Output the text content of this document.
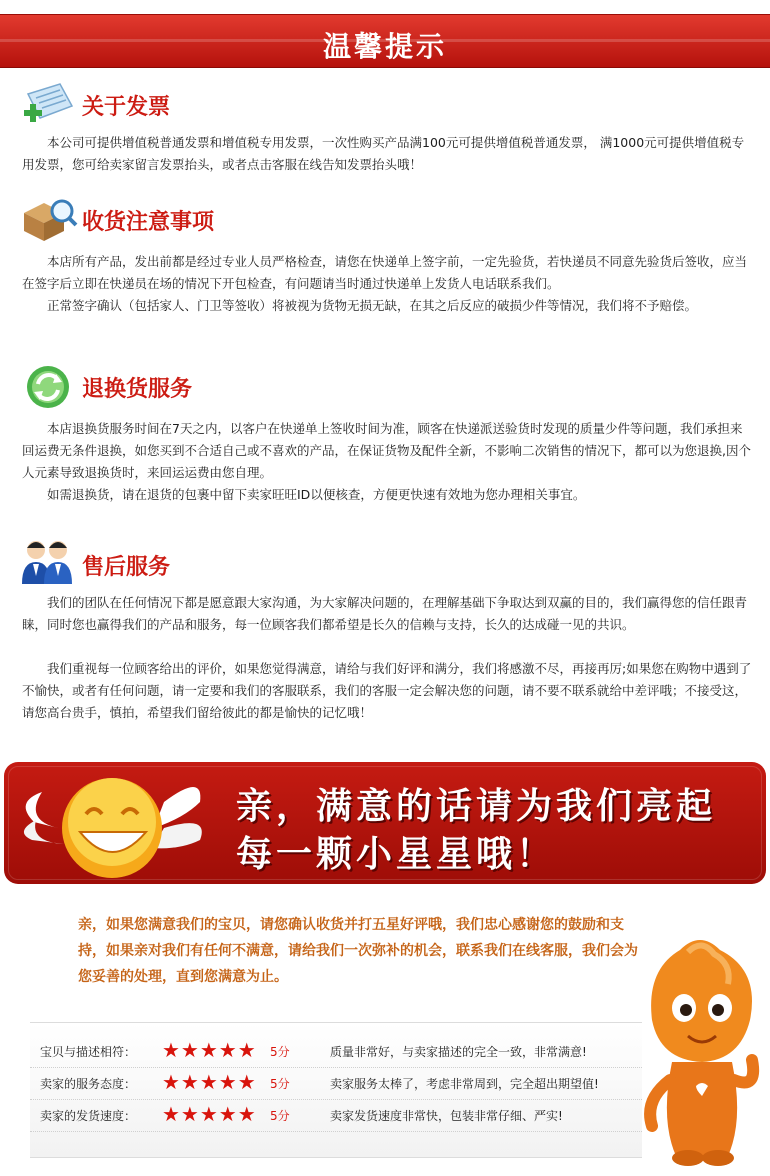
温馨提示
关于发票

本公司可提供增值税普通发票和增值税专用发票，一次性购买产品满100元可提供增值税普通发票， 满1000元可提供增值税专用发票，您可给卖家留言发票抬头，或者点击客服在线告知发票抬头哦！

收货注意事项

本店所有产品，发出前都是经过专业人员严格检查，请您在快递单上签字前，一定先验货，若快递员不同意先验货后签收，应当在签字后立即在快递员在场的情况下开包检查，有问题请当时通过快递单上发货人电话联系我们。

正常签字确认（包括家人、门卫等签收）将被视为货物无损无缺，在其之后反应的破损少件等情况，我们将不予赔偿。

退换货服务

本店退换货服务时间在7天之内，以客户在快递单上签收时间为准，顾客在快递派送验货时发现的质量少件等问题，我们承担来回运费无条件退换，如您买到不合适自己或不喜欢的产品，在保证货物及配件全新，不影响二次销售的情况下，都可以为您退换,因个人元素导致退换货时，来回运运费由您自理。

如需退换货，请在退货的包裹中留下卖家旺旺ID以便核查，方便更快速有效地为您办理相关事宜。

售后服务

我们的团队在任何情况下都是愿意跟大家沟通，为大家解决问题的，在理解基础下争取达到双赢的目的，我们赢得您的信任跟青睐，同时您也赢得我们的产品和服务，每一位顾客我们都希望是长久的信赖与支持，长久的达成碰一见的共识。

我们重视每一位顾客给出的评价，如果您觉得满意，请给与我们好评和满分，我们将感激不尽，再接再厉;如果您在购物中遇到了不愉快，或者有任何问题，请一定要和我们的客服联系，我们的客服一定会解决您的问题，请不要不联系就给中差评哦；不接受这，请您高台贵手，慎拍，希望我们留给彼此的都是愉快的记忆哦！

亲，满意的话请为我们亮起
每一颗小星星哦！

亲，如果您满意我们的宝贝，请您确认收货并打五星好评哦，我们忠心感谢您的鼓励和支持，如果亲对我们有任何不满意，请给我们一次弥补的机会，联系我们在线客服，我们会为您妥善的处理，直到您满意为止。

宝贝与描述相符： ★★★★★ 5分	质量非常好，与卖家描述的完全一致，非常满意!
卖家的服务态度： ★★★★★ 5分	卖家服务太棒了，考虑非常周到，完全超出期望值!
卖家的发货速度： ★★★★★ 5分	卖家发货速度非常快，包装非常仔细、严实!
